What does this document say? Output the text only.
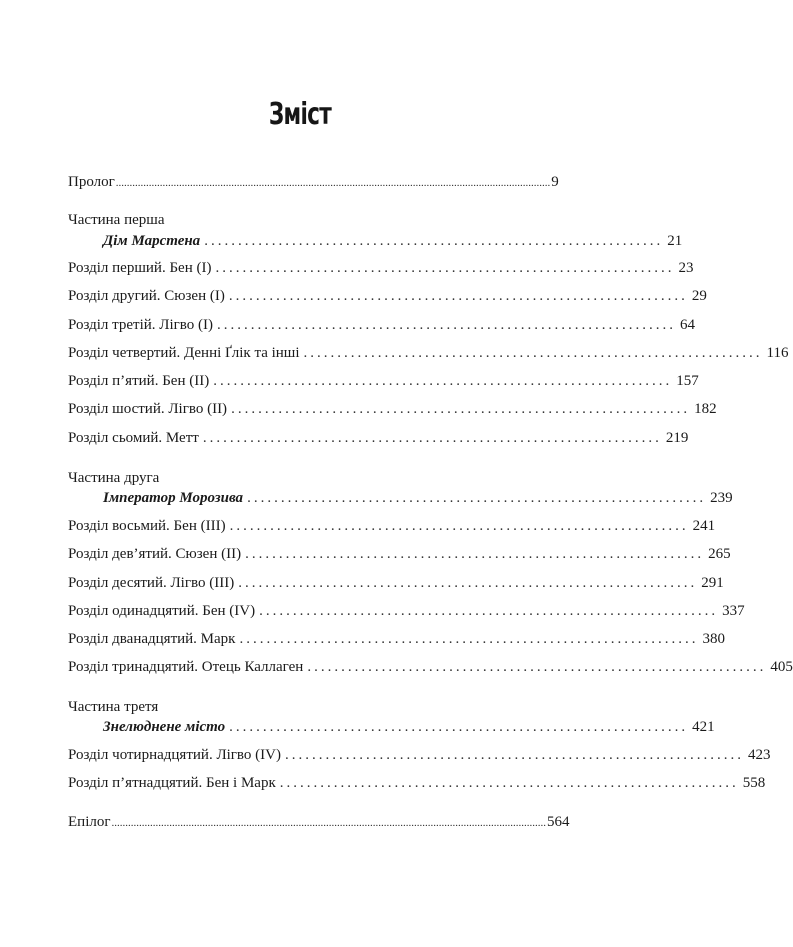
Зміст
Пролог .............................................................................................................................................................. 9
Частина перша
Дім Марстена .................................................................... 21
Розділ перший. Бен (І) .................................................................... 23
Розділ другий. Сюзен (І) .................................................................... 29
Розділ третій. Лігво (І) .................................................................... 64
Розділ четвертий. Денні Ґлік та інші .................................................................... 116
Розділ п’ятий. Бен (ІІ) .................................................................... 157
Розділ шостий. Лігво (ІІ) .................................................................... 182
Розділ сьомий. Метт .................................................................... 219
Частина друга
Імператор Морозива .................................................................... 239
Розділ восьмий. Бен (ІІІ) .................................................................... 241
Розділ дев’ятий. Сюзен (ІІ) .................................................................... 265
Розділ десятий. Лігво (ІІІ) .................................................................... 291
Розділ одинадцятий. Бен (IV) .................................................................... 337
Розділ дванадцятий. Марк .................................................................... 380
Розділ тринадцятий. Отець Каллаген .................................................................... 405
Частина третя
Знелюднене місто .................................................................... 421
Розділ чотирнадцятий. Лігво (IV) .................................................................... 423
Розділ п’ятнадцятий. Бен і Марк .................................................................... 558
Епілог .............................................................................................................................................................. 564
